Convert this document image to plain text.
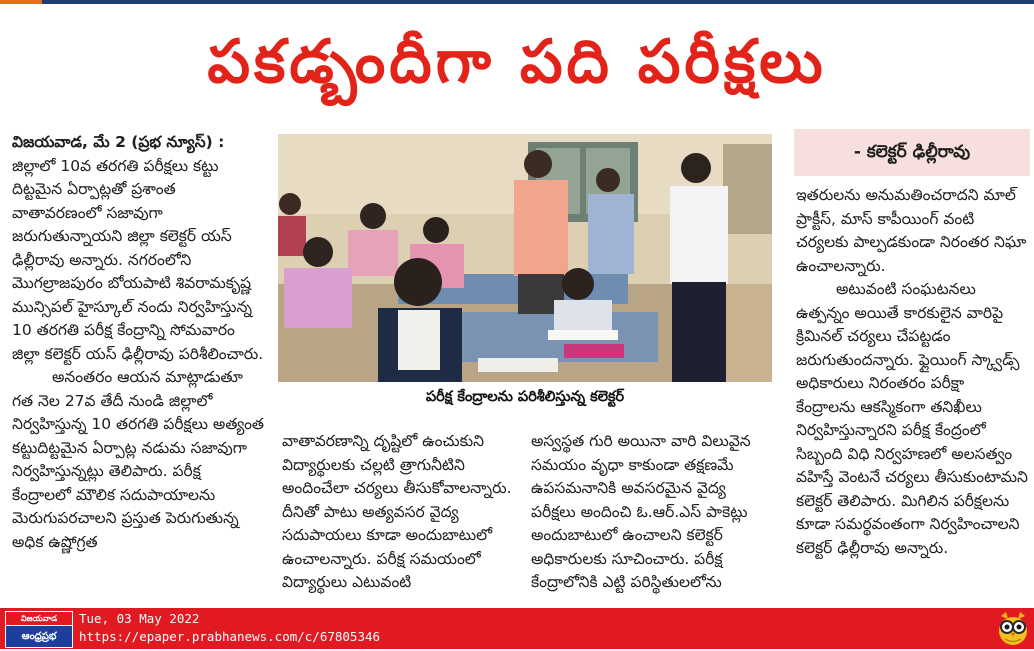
పకడ్బందీగా పది పరీక్షలు

విజయవాడ, మే 2 (ప్రభ న్యూస్) :

జిల్లాలో 10వ తరగతి పరీక్షలు కట్టు దిట్టమైన ఏర్పాట్లతో ప్రశాంత వాతావరణంలో సజావుగా జరుగుతున్నాయని జిల్లా కలెక్టర్ యస్ ఢిల్లీరావు అన్నారు. నగరంలోని మొగల్రాజపురం బోయపాటి శివరామకృష్ణ మున్సిపల్ హైస్కూల్ నందు నిర్వహిస్తున్న 10 తరగతి పరీక్ష కేంద్రాన్ని సోమవారం జిల్లా కలెక్టర్ యస్ ఢిల్లీరావు పరిశీలించారు.

అనంతరం ఆయన మాట్లాడుతూ గత నెల 27వ తేదీ నుండి జిల్లాలో నిర్వహిస్తున్న 10 తరగతి పరీక్షలు అత్యంత కట్టుదిట్టమైన ఏర్పాట్ల నడుమ సజావుగా నిర్వహిస్తున్నట్లు తెలిపారు. పరీక్ష కేంద్రాలలో మౌలిక సదుపాయాలను మెరుగుపరచాలని ప్రస్తుత పెరుగుతున్న అధిక ఉష్ణోగ్రత

పరీక్ష కేంద్రాలను పరిశీలిస్తున్న కలెక్టర్

వాతావరణాన్ని దృష్టిలో ఉంచుకుని విద్యార్థులకు చల్లటి త్రాగునీటిని అందించేలా చర్యలు తీసుకోవాలన్నారు. దీనితో పాటు అత్యవసర వైద్య సదుపాయలు కూడా అందుబాటులో ఉంచాలన్నారు. పరీక్ష సమయంలో విద్యార్థులు ఎటువంటి

అస్వస్థత గురి అయినా వారి విలువైన సమయం వృధా కాకుండా తక్షణమే ఉపసమనానికి అవసరమైన వైద్య పరీక్షలు అందించి ఓ.ఆర్.ఎస్ పాకెట్లు అందుబాటులో ఉంచాలని కలెక్టర్ అధికారులకు సూచించారు. పరీక్ష కేంద్రాలోనికి ఎట్టి పరిస్థితులలోను

- కలెక్టర్ ఢిల్లీరావు

ఇతరులను అనుమతించరాదని మాల్ ప్రాక్టీస్, మాస్ కాపీయింగ్ వంటి చర్యలకు పాల్పడకుండా నిరంతర నిఘా ఉంచాలన్నారు.

అటువంటి సంఘటనలు ఉత్పన్నం అయితే కారకులైన వారిపై క్రిమినల్ చర్యలు చేపట్టడం జరుగుతుందన్నారు. ఫ్లైయింగ్ స్క్వాడ్స్ అధికారులు నిరంతరం పరీక్షా కేంద్రాలను ఆకస్మికంగా తనిఖీలు నిర్వహిస్తున్నారని పరీక్ష కేంద్రంలో సిబ్బంది విధి నిర్వహణలో అలసత్వం వహిస్తే వెంటనే చర్యలు తీసుకుంటామని కలెక్టర్ తెలిపారు. మిగిలిన పరీక్షలను కూడా సమర్థవంతంగా నిర్వహించాలని కలెక్టర్ ఢిల్లీరావు అన్నారు.

విజయవాడ
ఆంధ్రప్రభ
Tue, 03 May 2022
https://epaper.prabhanews.com/c/67805346
